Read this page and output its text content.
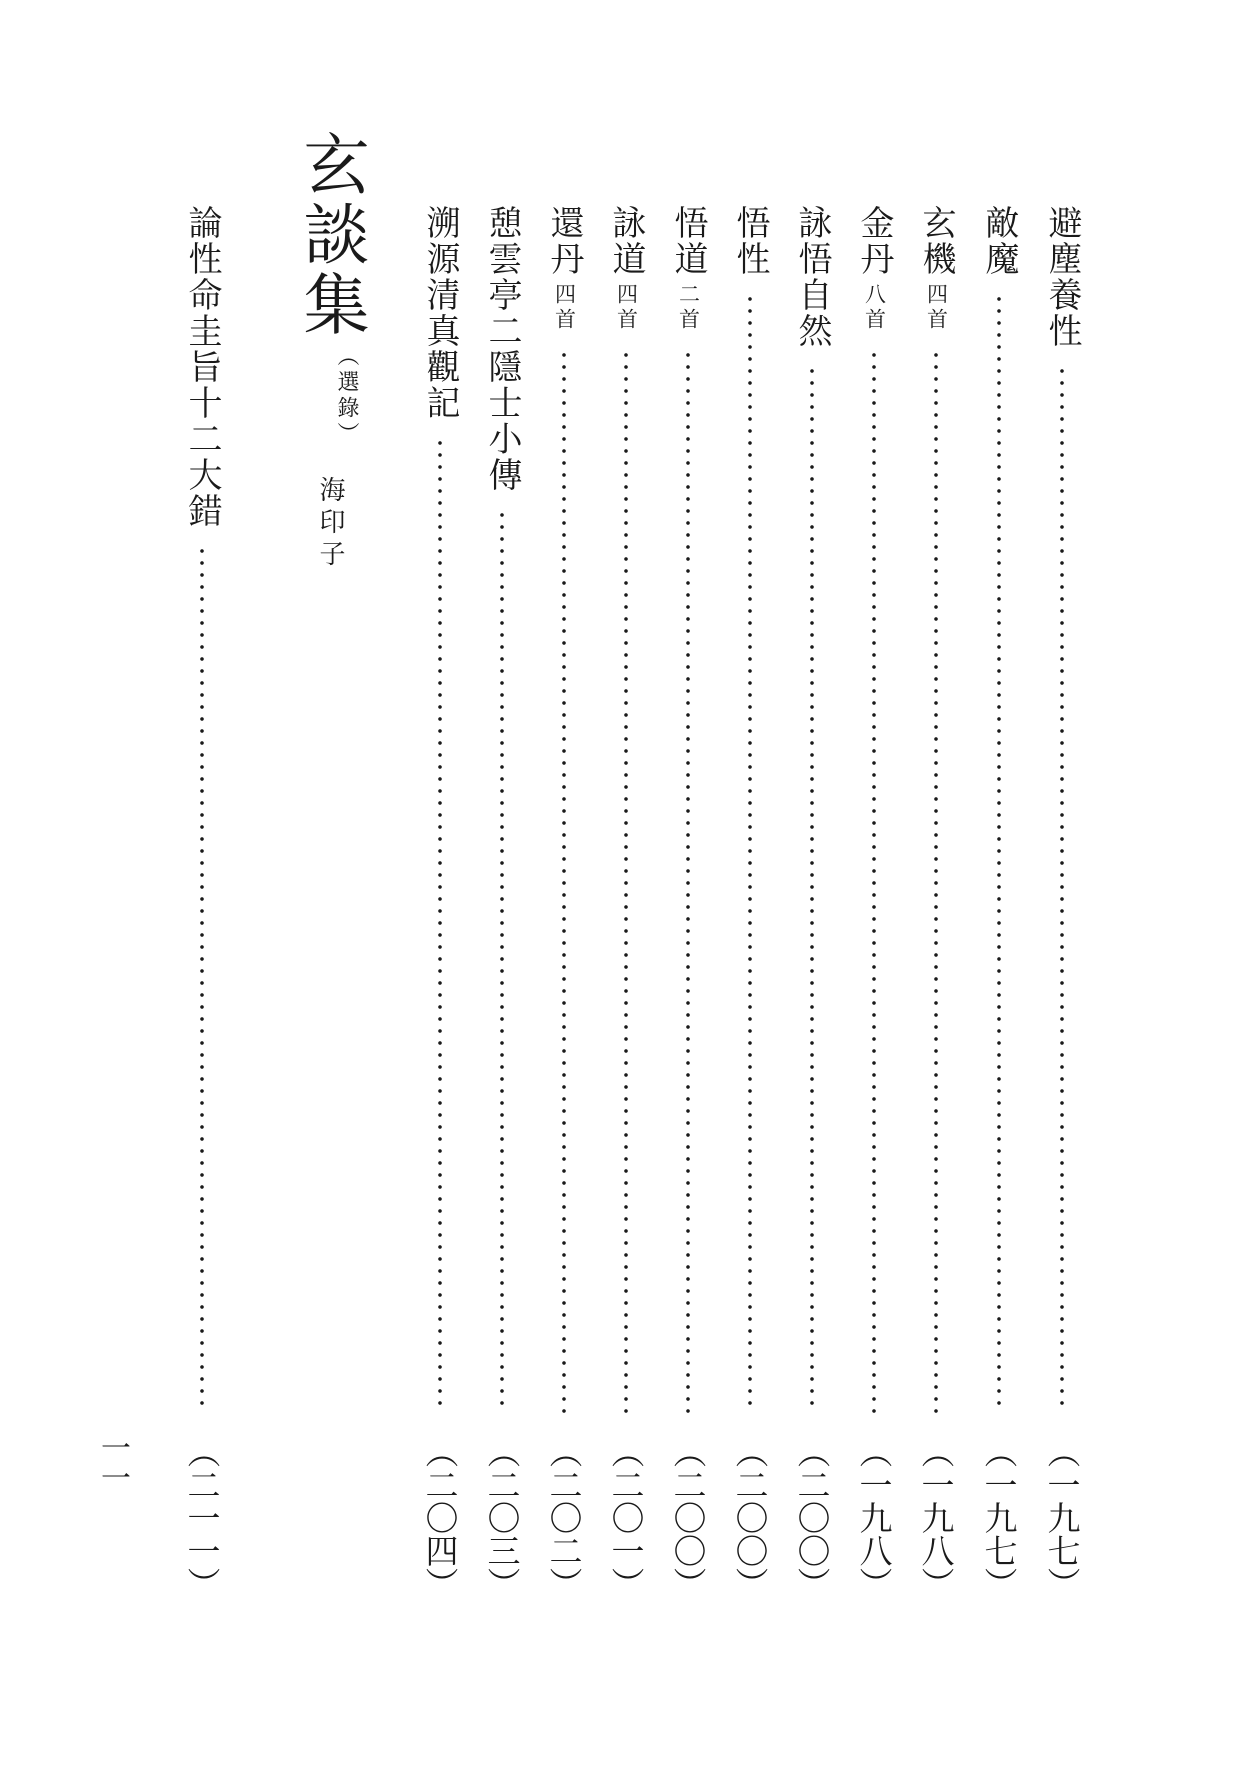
避塵養性
（
一
九
七
）
敵魔
（
一
九
七
）
玄機
四首
（
一
九
八
）
金丹
八首
（
一
九
八
）
詠悟自然
（
二
〇
〇
）
悟性
（
二
〇
〇
）
悟道
二首
（
二
〇
〇
）
詠道
四首
（
二
〇
一
）
還丹
四首
（
二
〇
二
）
憩雲亭二隱士小傳
（
二
〇
三
）
溯源清真觀記
（
二
〇
四
）
玄談集
（選錄）
海印子
論性命圭旨十二大錯
（
二
一
一
）
一一
